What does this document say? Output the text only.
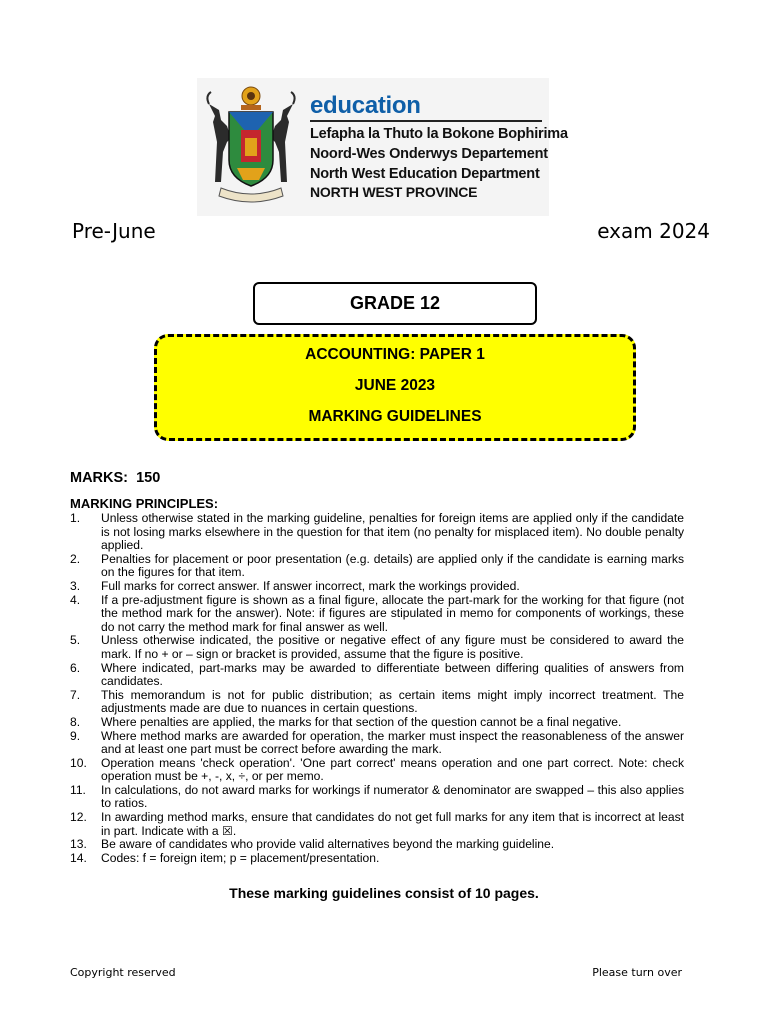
education
Lefapha la Thuto la Bokone Bophirima
Noord-Wes Onderwys Departement
North West Education Department
NORTH WEST PROVINCE
Pre-June	exam 2024
GRADE 12
ACCOUNTING: PAPER 1
JUNE 2023
MARKING GUIDELINES
MARKS: 150
MARKING PRINCIPLES:
1.	Unless otherwise stated in the marking guideline, penalties for foreign items are applied only if the candidate is not losing marks elsewhere in the question for that item (no penalty for misplaced item). No double penalty applied.
2.	Penalties for placement or poor presentation (e.g. details) are applied only if the candidate is earning marks on the figures for that item.
3.	Full marks for correct answer. If answer incorrect, mark the workings provided.
4.	If a pre-adjustment figure is shown as a final figure, allocate the part-mark for the working for that figure (not the method mark for the answer). Note: if figures are stipulated in memo for components of workings, these do not carry the method mark for final answer as well.
5.	Unless otherwise indicated, the positive or negative effect of any figure must be considered to award the mark. If no + or – sign or bracket is provided, assume that the figure is positive.
6.	Where indicated, part-marks may be awarded to differentiate between differing qualities of answers from candidates.
7.	This memorandum is not for public distribution; as certain items might imply incorrect treatment. The adjustments made are due to nuances in certain questions.
8.	Where penalties are applied, the marks for that section of the question cannot be a final negative.
9.	Where method marks are awarded for operation, the marker must inspect the reasonableness of the answer and at least one part must be correct before awarding the mark.
10.	Operation means 'check operation'. 'One part correct' means operation and one part correct. Note: check operation must be +, -, x, ÷, or per memo.
11.	In calculations, do not award marks for workings if numerator & denominator are swapped – this also applies to ratios.
12.	In awarding method marks, ensure that candidates do not get full marks for any item that is incorrect at least in part. Indicate with a ☒.
13.	Be aware of candidates who provide valid alternatives beyond the marking guideline.
14.	Codes: f = foreign item; p = placement/presentation.
These marking guidelines consist of 10 pages.
Copyright reserved	Please turn over
